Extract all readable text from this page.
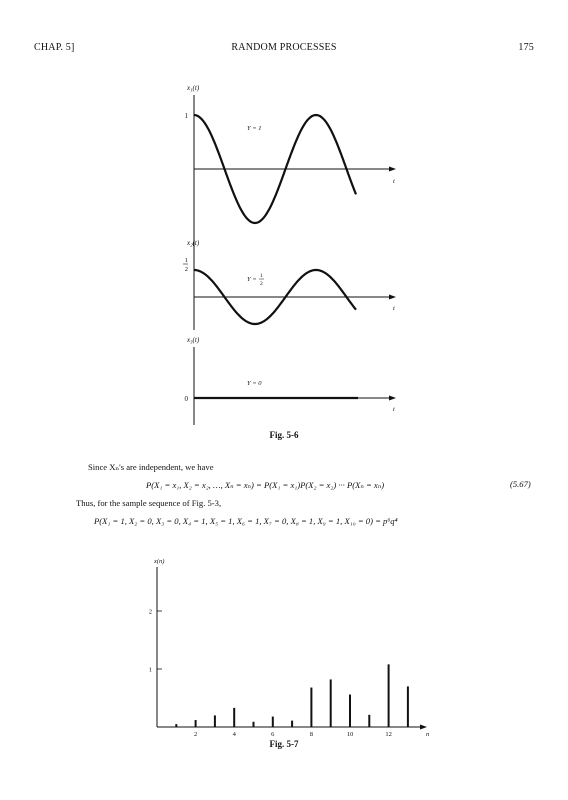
CHAP. 5]	RANDOM PROCESSES	175
x₁(t)
1
Y = 1
t
x₂(t)
1
2
Y = 1
2
t
x₃(t)
0
Y = 0
t
Fig. 5-6
Since Xₙ's are independent, we have
P(X₁ = x₁, X₂ = x₂, …, Xₙ = xₙ) = P(X₁ = x₁)P(X₂ = x₂) ··· P(Xₙ = xₙ)	(5.67)
Thus, for the sample sequence of Fig. 5-3,
P(X₁ = 1, X₂ = 0, X₃ = 0, X₄ = 1, X₅ = 1, X₆ = 1, X₇ = 0, X₈ = 1, X₉ = 1, X₁₀ = 0) = p⁶q⁴
x(n)
n
1
2
2	4	6	8	10	12
Fig. 5-7
